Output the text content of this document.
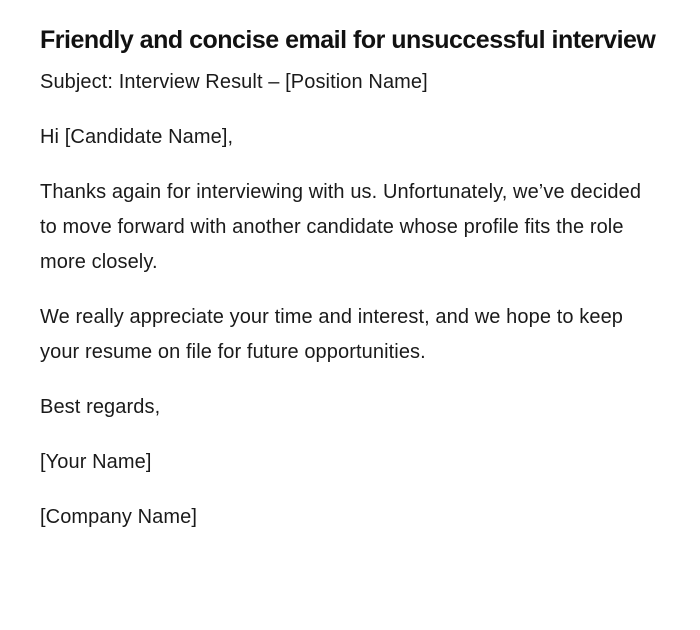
Friendly and concise email for unsuccessful interview

Subject: Interview Result – [Position Name]

Hi [Candidate Name],

Thanks again for interviewing with us. Unfortunately, we’ve decided to move forward with another candidate whose profile fits the role more closely.

We really appreciate your time and interest, and we hope to keep your resume on file for future opportunities.

Best regards,

[Your Name]

[Company Name]
